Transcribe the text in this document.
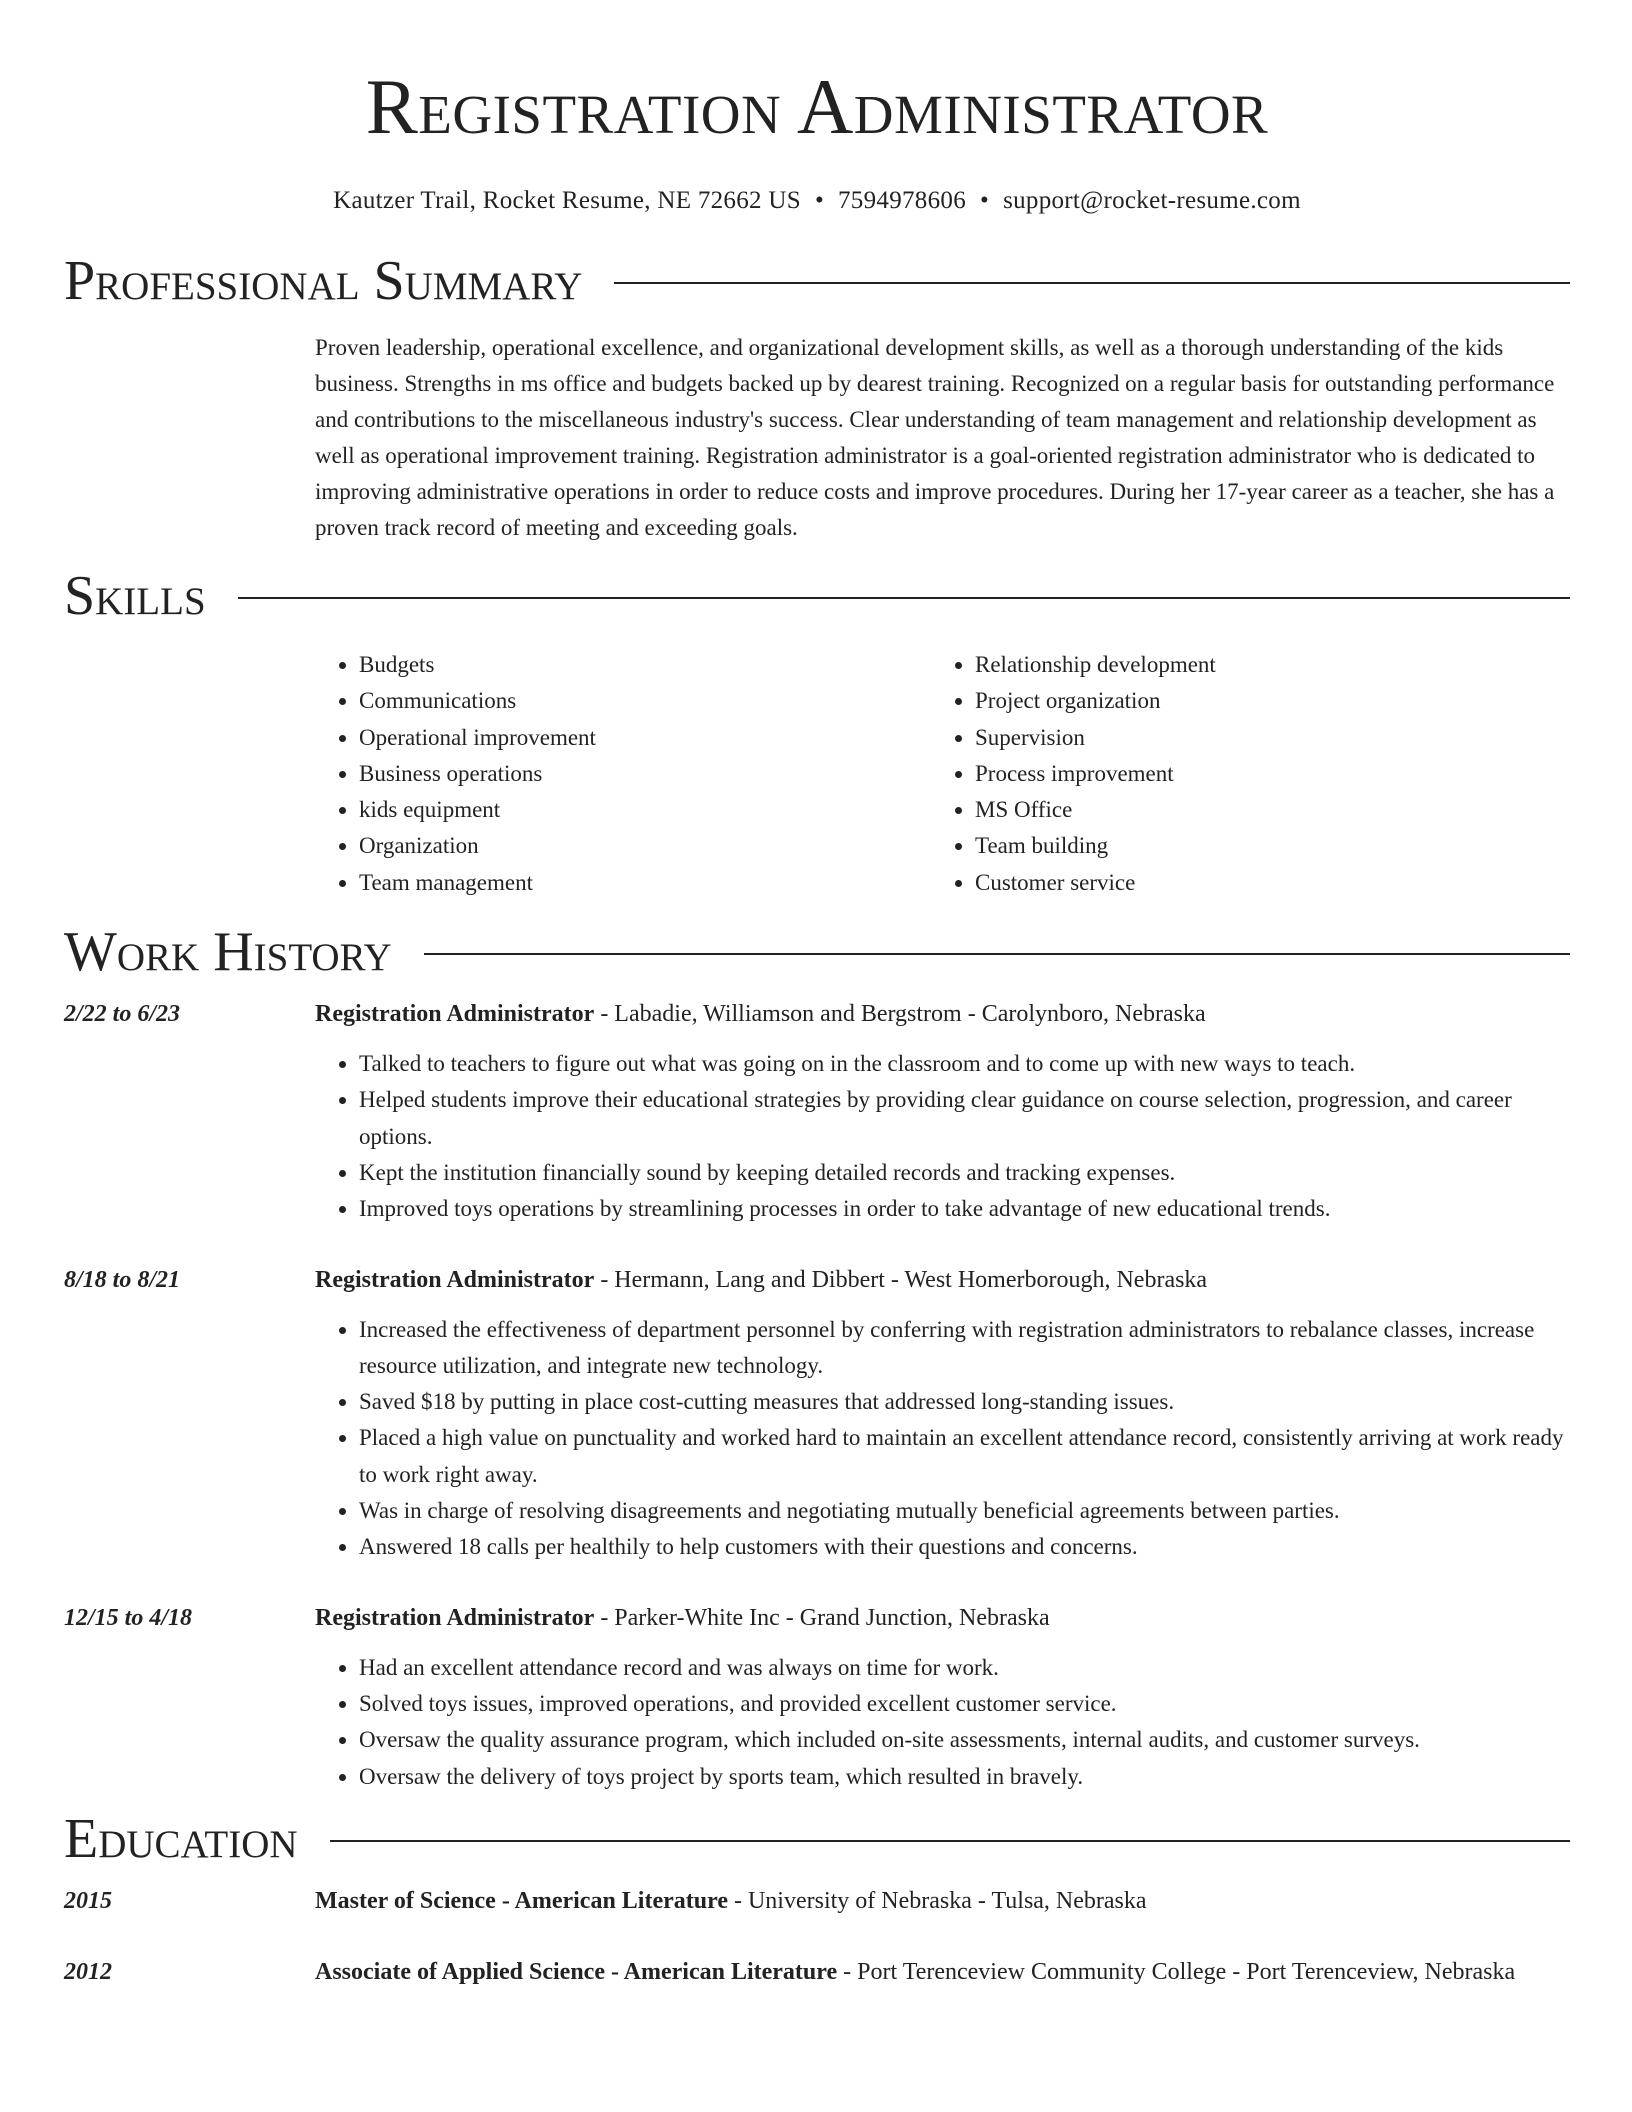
Registration Administrator
Kautzer Trail, Rocket Resume, NE 72662 US • 7594978606 • support@rocket-resume.com
Professional Summary

Proven leadership, operational excellence, and organizational development skills, as well as a thorough understanding of the kids business. Strengths in ms office and budgets backed up by dearest training. Recognized on a regular basis for outstanding performance and contributions to the miscellaneous industry's success. Clear understanding of team management and relationship development as well as operational improvement training. Registration administrator is a goal-oriented registration administrator who is dedicated to improving administrative operations in order to reduce costs and improve procedures. During her 17-year career as a teacher, she has a proven track record of meeting and exceeding goals.

Skills
• Budgets
• Communications
• Operational improvement
• Business operations
• kids equipment
• Organization
• Team management
• Relationship development
• Project organization
• Supervision
• Process improvement
• MS Office
• Team building
• Customer service
Work History
2/22 to 6/23	Registration Administrator - Labadie, Williamson and Bergstrom - Carolynboro, Nebraska
• Talked to teachers to figure out what was going on in the classroom and to come up with new ways to teach.
• Helped students improve their educational strategies by providing clear guidance on course selection, progression, and career options.
• Kept the institution financially sound by keeping detailed records and tracking expenses.
• Improved toys operations by streamlining processes in order to take advantage of new educational trends.
8/18 to 8/21	Registration Administrator - Hermann, Lang and Dibbert - West Homerborough, Nebraska
• Increased the effectiveness of department personnel by conferring with registration administrators to rebalance classes, increase resource utilization, and integrate new technology.
• Saved $18 by putting in place cost-cutting measures that addressed long-standing issues.
• Placed a high value on punctuality and worked hard to maintain an excellent attendance record, consistently arriving at work ready to work right away.
• Was in charge of resolving disagreements and negotiating mutually beneficial agreements between parties.
• Answered 18 calls per healthily to help customers with their questions and concerns.
12/15 to 4/18	Registration Administrator - Parker-White Inc - Grand Junction, Nebraska
• Had an excellent attendance record and was always on time for work.
• Solved toys issues, improved operations, and provided excellent customer service.
• Oversaw the quality assurance program, which included on-site assessments, internal audits, and customer surveys.
• Oversaw the delivery of toys project by sports team, which resulted in bravely.
Education
2015	Master of Science - American Literature - University of Nebraska - Tulsa, Nebraska
2012	Associate of Applied Science - American Literature - Port Terenceview Community College - Port Terenceview, Nebraska
